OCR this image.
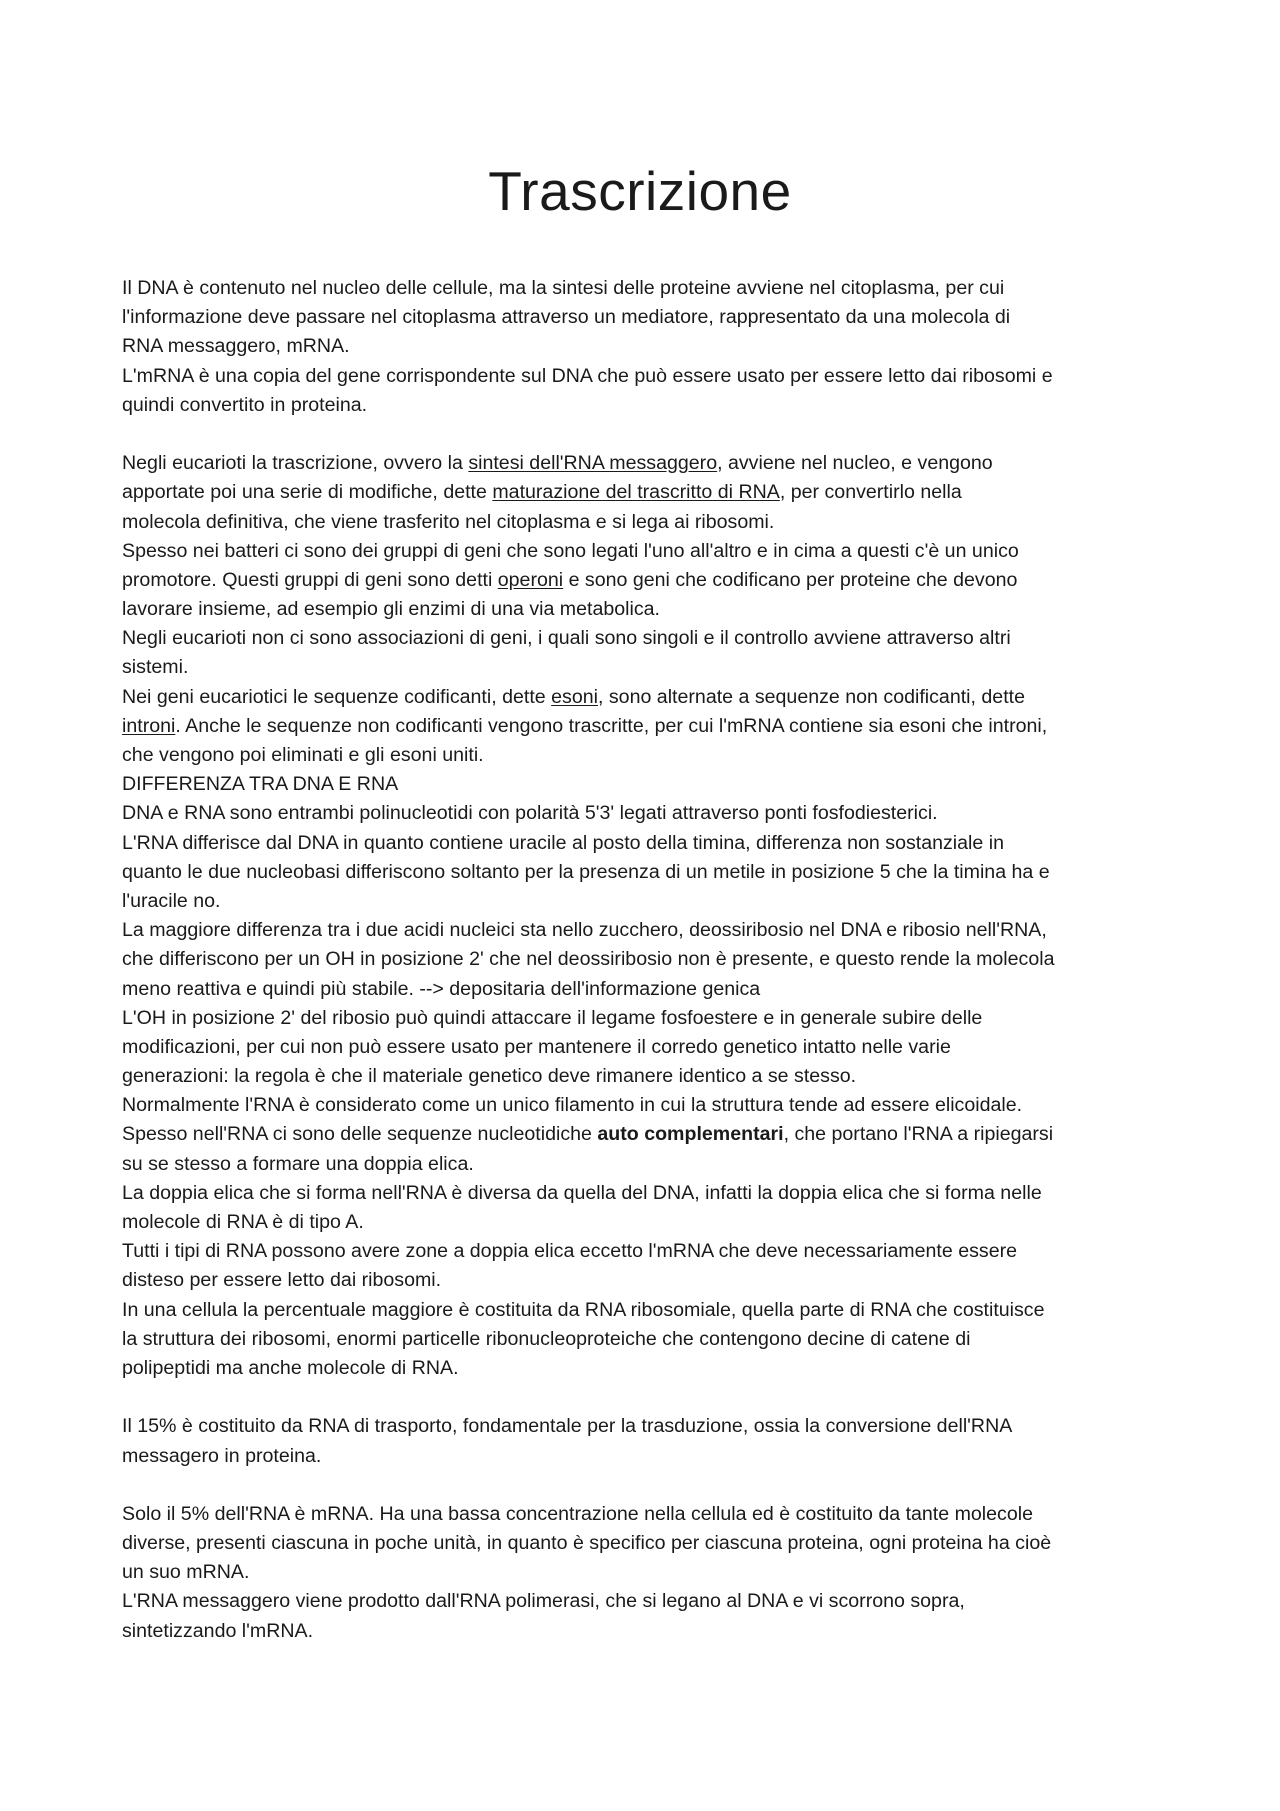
Trascrizione
Il DNA è contenuto nel nucleo delle cellule, ma la sintesi delle proteine avviene nel citoplasma, per cui
l'informazione deve passare nel citoplasma attraverso un mediatore, rappresentato da una molecola di
RNA messaggero, mRNA.
L'mRNA è una copia del gene corrispondente sul DNA che può essere usato per essere letto dai ribosomi e
quindi convertito in proteina.
Negli eucarioti la trascrizione, ovvero la sintesi dell'RNA messaggero, avviene nel nucleo, e vengono
apportate poi una serie di modifiche, dette maturazione del trascritto di RNA, per convertirlo nella
molecola definitiva, che viene trasferito nel citoplasma e si lega ai ribosomi.
Spesso nei batteri ci sono dei gruppi di geni che sono legati l'uno all'altro e in cima a questi c'è un unico
promotore. Questi gruppi di geni sono detti operoni e sono geni che codificano per proteine che devono
lavorare insieme, ad esempio gli enzimi di una via metabolica.
Negli eucarioti non ci sono associazioni di geni, i quali sono singoli e il controllo avviene attraverso altri
sistemi.
Nei geni eucariotici le sequenze codificanti, dette esoni, sono alternate a sequenze non codificanti, dette
introni. Anche le sequenze non codificanti vengono trascritte, per cui l'mRNA contiene sia esoni che introni,
che vengono poi eliminati e gli esoni uniti.
DIFFERENZA TRA DNA E RNA
DNA e RNA sono entrambi polinucleotidi con polarità 5'3' legati attraverso ponti fosfodiesterici.
L'RNA differisce dal DNA in quanto contiene uracile al posto della timina, differenza non sostanziale in
quanto le due nucleobasi differiscono soltanto per la presenza di un metile in posizione 5 che la timina ha e
l'uracile no.
La maggiore differenza tra i due acidi nucleici sta nello zucchero, deossiribosio nel DNA e ribosio nell'RNA,
che differiscono per un OH in posizione 2' che nel deossiribosio non è presente, e questo rende la molecola
meno reattiva e quindi più stabile. --> depositaria dell'informazione genica
L'OH in posizione 2' del ribosio può quindi attaccare il legame fosfoestere e in generale subire delle
modificazioni, per cui non può essere usato per mantenere il corredo genetico intatto nelle varie
generazioni: la regola è che il materiale genetico deve rimanere identico a se stesso.
Normalmente l'RNA è considerato come un unico filamento in cui la struttura tende ad essere elicoidale.
Spesso nell'RNA ci sono delle sequenze nucleotidiche auto complementari, che portano l'RNA a ripiegarsi
su se stesso a formare una doppia elica.
La doppia elica che si forma nell'RNA è diversa da quella del DNA, infatti la doppia elica che si forma nelle
molecole di RNA è di tipo A.
Tutti i tipi di RNA possono avere zone a doppia elica eccetto l'mRNA che deve necessariamente essere
disteso per essere letto dai ribosomi.
In una cellula la percentuale maggiore è costituita da RNA ribosomiale, quella parte di RNA che costituisce
la struttura dei ribosomi, enormi particelle ribonucleoproteiche che contengono decine di catene di
polipeptidi ma anche molecole di RNA.
Il 15% è costituito da RNA di trasporto, fondamentale per la trasduzione, ossia la conversione dell'RNA
messagero in proteina.
Solo il 5% dell'RNA è mRNA. Ha una bassa concentrazione nella cellula ed è costituito da tante molecole
diverse, presenti ciascuna in poche unità, in quanto è specifico per ciascuna proteina, ogni proteina ha cioè
un suo mRNA.
L'RNA messaggero viene prodotto dall'RNA polimerasi, che si legano al DNA e vi scorrono sopra,
sintetizzando l'mRNA.
